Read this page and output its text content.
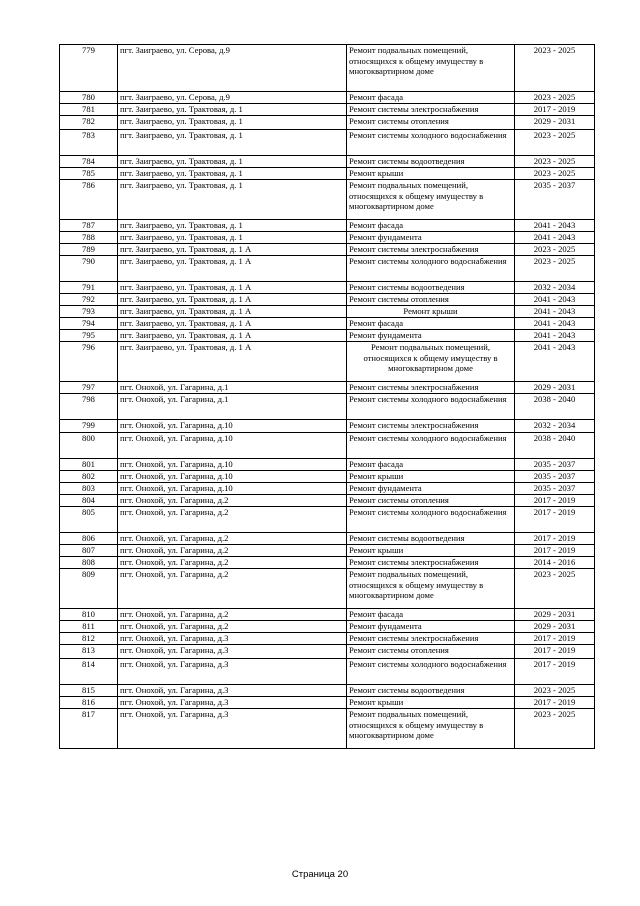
779	пгт. Заиграево, ул. Серова, д.9	Ремонт подвальных помещений, относящихся к общему имуществу в многоквартирном доме	2023 - 2025
780	пгт. Заиграево, ул. Серова, д.9	Ремонт фасада	2023 - 2025
781	пгт. Заиграево, ул. Трактовая, д. 1	Ремонт системы электроснабжения	2017 - 2019
782	пгт. Заиграево, ул. Трактовая, д. 1	Ремонт системы отопления	2029 - 2031
783	пгт. Заиграево, ул. Трактовая, д. 1	Ремонт системы холодного водоснабжения	2023 - 2025
784	пгт. Заиграево, ул. Трактовая, д. 1	Ремонт системы водоотведения	2023 - 2025
785	пгт. Заиграево, ул. Трактовая, д. 1	Ремонт крыши	2023 - 2025
786	пгт. Заиграево, ул. Трактовая, д. 1	Ремонт подвальных помещений, относящихся к общему имуществу в многоквартирном доме	2035 - 2037
787	пгт. Заиграево, ул. Трактовая, д. 1	Ремонт фасада	2041 - 2043
788	пгт. Заиграево, ул. Трактовая, д. 1	Ремонт фундамента	2041 - 2043
789	пгт. Заиграево, ул. Трактовая, д. 1 А	Ремонт системы электроснабжения	2023 - 2025
790	пгт. Заиграево, ул. Трактовая, д. 1 А	Ремонт системы холодного водоснабжения	2023 - 2025
791	пгт. Заиграево, ул. Трактовая, д. 1 А	Ремонт системы водоотведения	2032 - 2034
792	пгт. Заиграево, ул. Трактовая, д. 1 А	Ремонт системы отопления	2041 - 2043
793	пгт. Заиграево, ул. Трактовая, д. 1 А	Ремонт крыши	2041 - 2043
794	пгт. Заиграево, ул. Трактовая, д. 1 А	Ремонт фасада	2041 - 2043
795	пгт. Заиграево, ул. Трактовая, д. 1 А	Ремонт фундамента	2041 - 2043
796	пгт. Заиграево, ул. Трактовая, д. 1 А	Ремонт подвальных помещений, относящихся к общему имуществу в многоквартирном доме	2041 - 2043
797	пгт. Онохой, ул. Гагарина, д.1	Ремонт системы электроснабжения	2029 - 2031
798	пгт. Онохой, ул. Гагарина, д.1	Ремонт системы холодного водоснабжения	2038 - 2040
799	пгт. Онохой, ул. Гагарина, д.10	Ремонт системы электроснабжения	2032 - 2034
800	пгт. Онохой, ул. Гагарина, д.10	Ремонт системы холодного водоснабжения	2038 - 2040
801	пгт. Онохой, ул. Гагарина, д.10	Ремонт фасада	2035 - 2037
802	пгт. Онохой, ул. Гагарина, д.10	Ремонт крыши	2035 - 2037
803	пгт. Онохой, ул. Гагарина, д.10	Ремонт фундамента	2035 - 2037
804	пгт. Онохой, ул. Гагарина, д.2	Ремонт системы отопления	2017 - 2019
805	пгт. Онохой, ул. Гагарина, д.2	Ремонт системы холодного водоснабжения	2017 - 2019
806	пгт. Онохой, ул. Гагарина, д.2	Ремонт системы водоотведения	2017 - 2019
807	пгт. Онохой, ул. Гагарина, д.2	Ремонт крыши	2017 - 2019
808	пгт. Онохой, ул. Гагарина, д.2	Ремонт системы электроснабжения	2014 - 2016
809	пгт. Онохой, ул. Гагарина, д.2	Ремонт подвальных помещений, относящихся к общему имуществу в многоквартирном доме	2023 - 2025
810	пгт. Онохой, ул. Гагарина, д.2	Ремонт фасада	2029 - 2031
811	пгт. Онохой, ул. Гагарина, д.2	Ремонт фундамента	2029 - 2031
812	пгт. Онохой, ул. Гагарина, д.3	Ремонт системы электроснабжения	2017 - 2019
813	пгт. Онохой, ул. Гагарина, д.3	Ремонт системы отопления	2017 - 2019
814	пгт. Онохой, ул. Гагарина, д.3	Ремонт системы холодного водоснабжения	2017 - 2019
815	пгт. Онохой, ул. Гагарина, д.3	Ремонт системы водоотведения	2023 - 2025
816	пгт. Онохой, ул. Гагарина, д.3	Ремонт крыши	2017 - 2019
817	пгт. Онохой, ул. Гагарина, д.3	Ремонт подвальных помещений, относящихся к общему имуществу в многоквартирном доме	2023 - 2025
Страница 20
